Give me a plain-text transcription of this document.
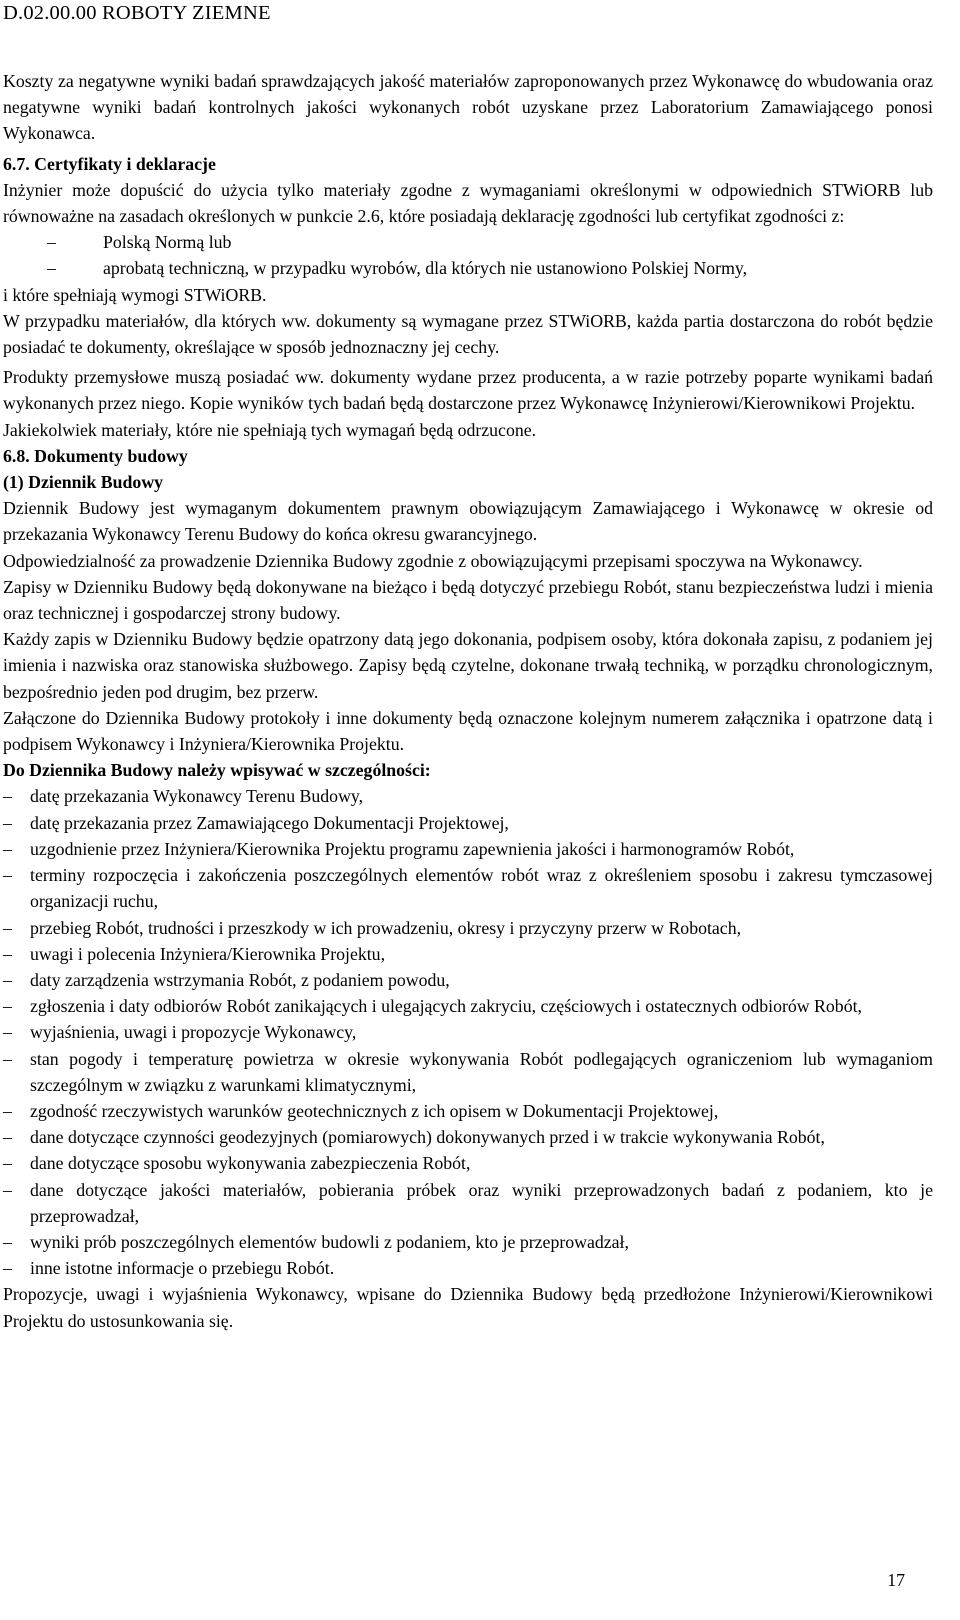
D.02.00.00 ROBOTY ZIEMNE

Koszty za negatywne wyniki badań sprawdzających jakość materiałów zaproponowanych przez Wykonawcę do wbudowania oraz negatywne wyniki badań kontrolnych jakości wykonanych robót uzyskane przez Laboratorium Zamawiającego ponosi Wykonawca.

6.7. Certyfikaty i deklaracje

Inżynier może dopuścić do użycia tylko materiały zgodne z wymaganiami określonymi w odpowiednich STWiORB lub równoważne na zasadach określonych w punkcie 2.6, które posiadają deklarację zgodności lub certyfikat zgodności z:

–	Polską Normą lub

–	aprobatą techniczną, w przypadku wyrobów, dla których nie ustanowiono Polskiej Normy,

i które spełniają wymogi STWiORB.

W przypadku materiałów, dla których ww. dokumenty są wymagane przez STWiORB, każda partia dostarczona do robót będzie posiadać te dokumenty, określające w sposób jednoznaczny jej cechy.

Produkty przemysłowe muszą posiadać ww. dokumenty wydane przez producenta, a w razie potrzeby poparte wynikami badań wykonanych przez niego. Kopie wyników tych badań będą dostarczone przez Wykonawcę Inżynierowi/Kierownikowi Projektu.

Jakiekolwiek materiały, które nie spełniają tych wymagań będą odrzucone.

6.8. Dokumenty budowy

(1) Dziennik Budowy

Dziennik Budowy jest wymaganym dokumentem prawnym obowiązującym Zamawiającego i Wykonawcę w okresie od przekazania Wykonawcy Terenu Budowy do końca okresu gwarancyjnego.

Odpowiedzialność za prowadzenie Dziennika Budowy zgodnie z obowiązującymi przepisami spoczywa na Wykonawcy.

Zapisy w Dzienniku Budowy będą dokonywane na bieżąco i będą dotyczyć przebiegu Robót, stanu bezpieczeństwa ludzi i mienia oraz technicznej i gospodarczej strony budowy.

Każdy zapis w Dzienniku Budowy będzie opatrzony datą jego dokonania, podpisem osoby, która dokonała zapisu, z podaniem jej imienia i nazwiska oraz stanowiska służbowego. Zapisy będą czytelne, dokonane trwałą techniką, w porządku chronologicznym, bezpośrednio jeden pod drugim, bez przerw.

Załączone do Dziennika Budowy protokoły i inne dokumenty będą oznaczone kolejnym numerem załącznika i opatrzone datą i podpisem Wykonawcy i Inżyniera/Kierownika Projektu.

Do Dziennika Budowy należy wpisywać w szczególności:

– datę przekazania Wykonawcy Terenu Budowy,
– datę przekazania przez Zamawiającego Dokumentacji Projektowej,
– uzgodnienie przez Inżyniera/Kierownika Projektu programu zapewnienia jakości i harmonogramów Robót,
– terminy rozpoczęcia i zakończenia poszczególnych elementów robót wraz z określeniem sposobu i zakresu tymczasowej organizacji ruchu,
– przebieg Robót, trudności i przeszkody w ich prowadzeniu, okresy i przyczyny przerw w Robotach,
– uwagi i polecenia Inżyniera/Kierownika Projektu,
– daty zarządzenia wstrzymania Robót, z podaniem powodu,
– zgłoszenia i daty odbiorów Robót zanikających i ulegających zakryciu, częściowych i ostatecznych odbiorów Robót,
– wyjaśnienia, uwagi i propozycje Wykonawcy,
– stan pogody i temperaturę powietrza w okresie wykonywania Robót podlegających ograniczeniom lub wymaganiom szczególnym w związku z warunkami klimatycznymi,
– zgodność rzeczywistych warunków geotechnicznych z ich opisem w Dokumentacji Projektowej,
– dane dotyczące czynności geodezyjnych (pomiarowych) dokonywanych przed i w trakcie wykonywania Robót,
– dane dotyczące sposobu wykonywania zabezpieczenia Robót,
– dane dotyczące jakości materiałów, pobierania próbek oraz wyniki przeprowadzonych badań z podaniem, kto je przeprowadzał,
– wyniki prób poszczególnych elementów budowli z podaniem, kto je przeprowadzał,
– inne istotne informacje o przebiegu Robót.

Propozycje, uwagi i wyjaśnienia Wykonawcy, wpisane do Dziennika Budowy będą przedłożone Inżynierowi/Kierownikowi Projektu do ustosunkowania się.

17
